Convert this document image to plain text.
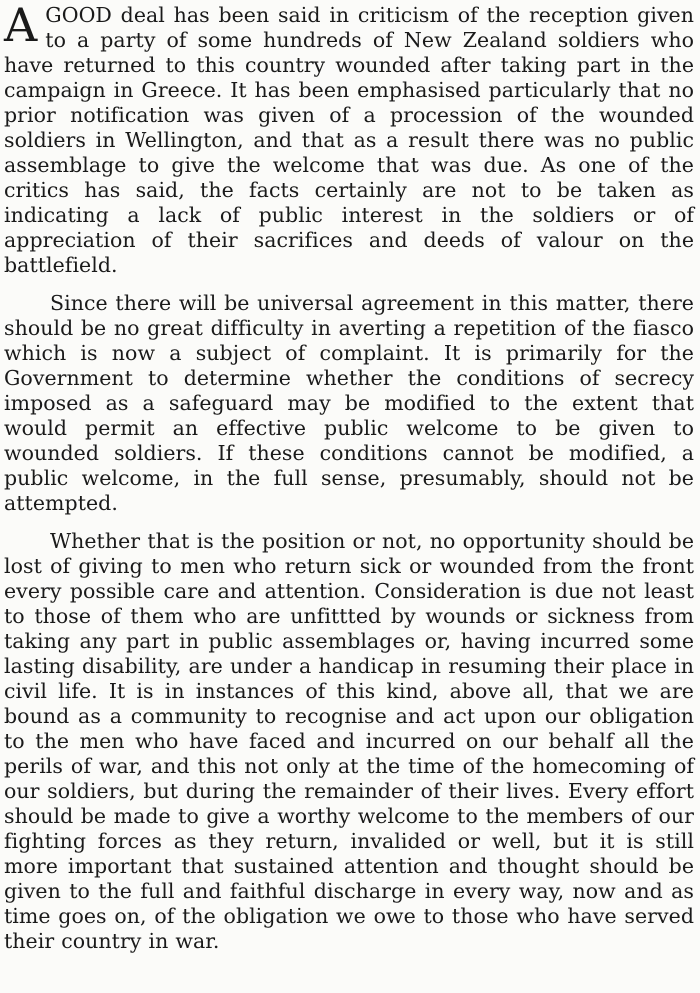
AGOOD deal has been said in criticism of the reception given to a party of some hundreds of New Zealand soldiers who have returned to this country wounded after taking part in the campaign in Greece. It has been emphasised particularly that no prior notification was given of a procession of the wounded soldiers in Wellington, and that as a result there was no public assemblage to give the welcome that was due. As one of the critics has said, the facts certainly are not to be taken as indicating a lack of public interest in the soldiers or of appreciation of their sacrifices and deeds of valour on the battlefield.

Since there will be universal agreement in this matter, there should be no great difficulty in averting a repetition of the fiasco which is now a subject of complaint. It is primarily for the Government to determine whether the conditions of secrecy imposed as a safeguard may be modified to the extent that would permit an effective public welcome to be given to wounded soldiers. If these conditions cannot be modified, a public welcome, in the full sense, presumably, should not be attempted.

Whether that is the position or not, no opportunity should be lost of giving to men who return sick or wounded from the front every possible care and attention. Consideration is due not least to those of them who are unfittted by wounds or sickness from taking any part in public assemblages or, having incurred some lasting disability, are under a handicap in resuming their place in civil life. It is in instances of this kind, above all, that we are bound as a community to recognise and act upon our obligation to the men who have faced and incurred on our behalf all the perils of war, and this not only at the time of the homecoming of our soldiers, but during the remainder of their lives. Every effort should be made to give a worthy welcome to the members of our fighting forces as they return, invalided or well, but it is still more important that sustained attention and thought should be given to the full and faithful discharge in every way, now and as time goes on, of the obligation we owe to those who have served their country in war.
